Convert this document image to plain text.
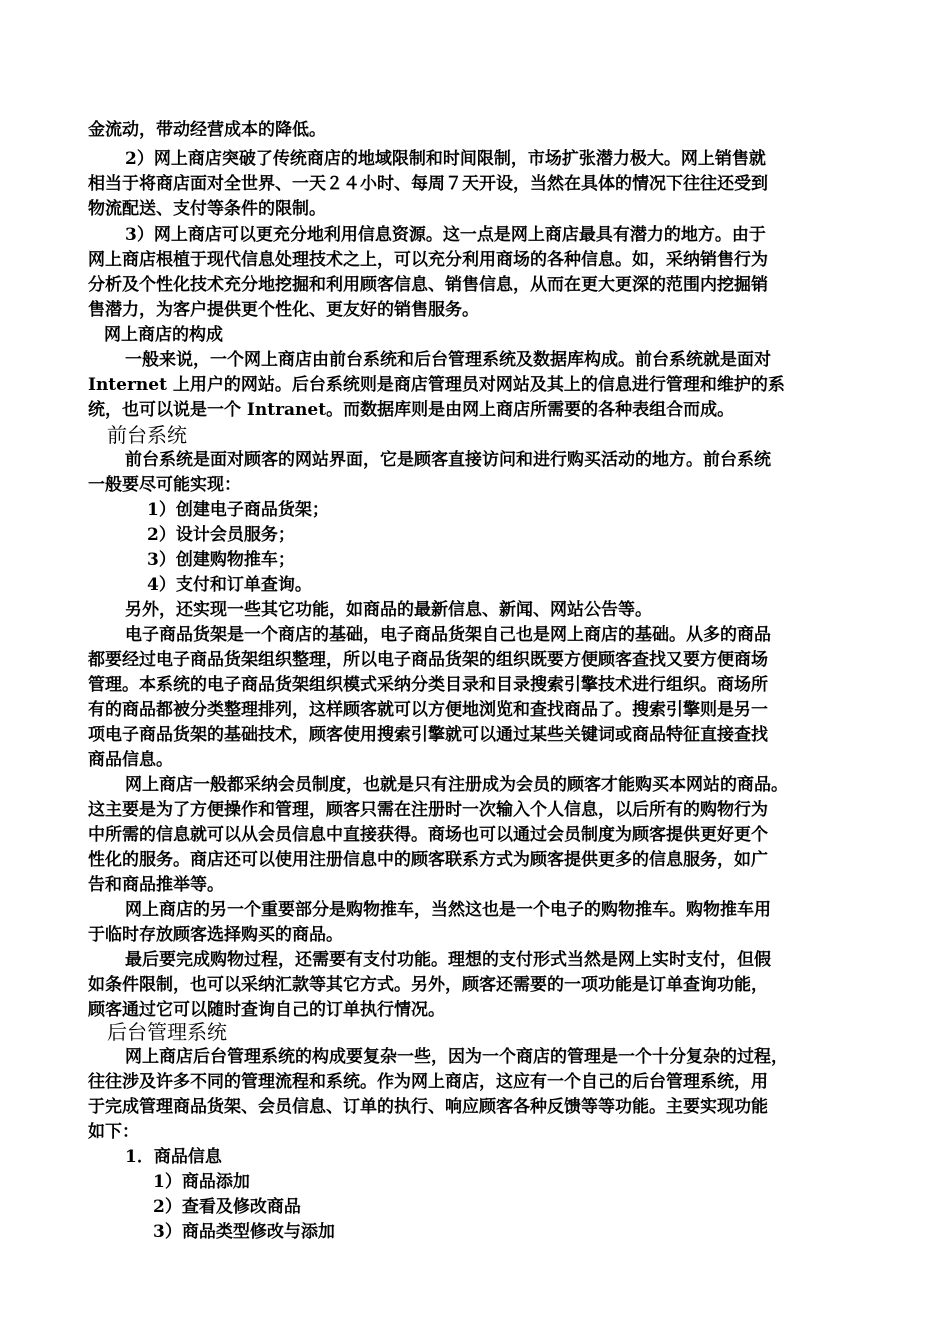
金流动，带动经营成本的降低。
2）网上商店突破了传统商店的地域限制和时间限制，市场扩张潜力极大。网上销售就
相当于将商店面对全世界、一天２４小时、每周７天开设，当然在具体的情况下往往还受到
物流配送、支付等条件的限制。
3）网上商店可以更充分地利用信息资源。这一点是网上商店最具有潜力的地方。由于
网上商店根植于现代信息处理技术之上，可以充分利用商场的各种信息。如，采纳销售行为
分析及个性化技术充分地挖掘和利用顾客信息、销售信息，从而在更大更深的范围内挖掘销
售潜力，为客户提供更个性化、更友好的销售服务。
网上商店的构成
一般来说，一个网上商店由前台系统和后台管理系统及数据库构成。前台系统就是面对
Internet 上用户的网站。后台系统则是商店管理员对网站及其上的信息进行管理和维护的系
统，也可以说是一个 Intranet。而数据库则是由网上商店所需要的各种表组合而成。
前台系统
前台系统是面对顾客的网站界面，它是顾客直接访问和进行购买活动的地方。前台系统
一般要尽可能实现：
1）创建电子商品货架；
2）设计会员服务；
3）创建购物推车；
4）支付和订单查询。
另外，还实现一些其它功能，如商品的最新信息、新闻、网站公告等。
电子商品货架是一个商店的基础，电子商品货架自己也是网上商店的基础。从多的商品
都要经过电子商品货架组织整理，所以电子商品货架的组织既要方便顾客查找又要方便商场
管理。本系统的电子商品货架组织模式采纳分类目录和目录搜索引擎技术进行组织。商场所
有的商品都被分类整理排列，这样顾客就可以方便地浏览和查找商品了。搜索引擎则是另一
项电子商品货架的基础技术，顾客使用搜索引擎就可以通过某些关键词或商品特征直接查找
商品信息。
网上商店一般都采纳会员制度，也就是只有注册成为会员的顾客才能购买本网站的商品。
这主要是为了方便操作和管理，顾客只需在注册时一次输入个人信息，以后所有的购物行为
中所需的信息就可以从会员信息中直接获得。商场也可以通过会员制度为顾客提供更好更个
性化的服务。商店还可以使用注册信息中的顾客联系方式为顾客提供更多的信息服务，如广
告和商品推举等。
网上商店的另一个重要部分是购物推车，当然这也是一个电子的购物推车。购物推车用
于临时存放顾客选择购买的商品。
最后要完成购物过程，还需要有支付功能。理想的支付形式当然是网上实时支付，但假
如条件限制，也可以采纳汇款等其它方式。另外，顾客还需要的一项功能是订单查询功能，
顾客通过它可以随时查询自己的订单执行情况。
后台管理系统
网上商店后台管理系统的构成要复杂一些，因为一个商店的管理是一个十分复杂的过程，
往往涉及许多不同的管理流程和系统。作为网上商店，这应有一个自己的后台管理系统，用
于完成管理商品货架、会员信息、订单的执行、响应顾客各种反馈等等功能。主要实现功能
如下：
1．商品信息
1）商品添加
2）查看及修改商品
3）商品类型修改与添加
